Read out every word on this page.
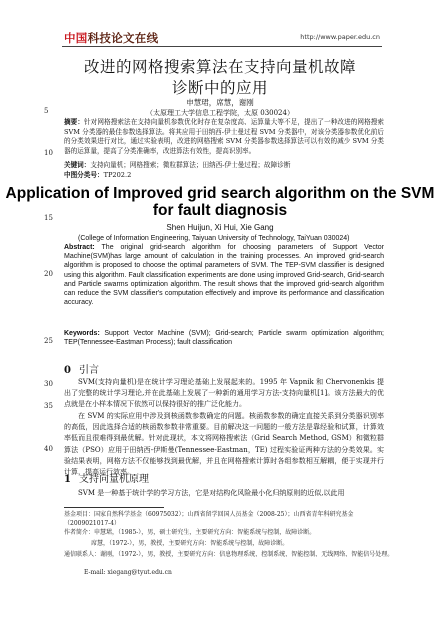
中国科技论文在线	http://www.paper.edu.cn
改进的网格搜索算法在支持向量机故障
诊断中的应用
申慧珺，席慧，谢刚
（太原理工大学信息工程学院，太原 030024）
5
摘要：针对网格搜索法在支持向量机参数优化时存在复杂度高、运算量大等不足，提出了一种改进的网格搜索 SVM 分类器的最佳参数选择算法。将其应用于田纳西-伊士曼过程 SVM 分类器中，对该分类器参数优化前后的分类效果进行对比，通过实验表明，改进的网格搜索 SVM 分类器参数选择算法可以有效的减少 SVM 分类器的运算量，提高了分类准确率，改进算法有效性，提高识别率。
10
关键词：支持向量机；网格搜索；微粒群算法；田纳西-伊士曼过程；故障诊断
中图分类号：TP202.2
Application of Improved grid search algorithm on the SVM
for fault diagnosis
15
Shen Huijun, Xi Hui, Xie Gang
(College of Information Engineering, Taiyuan University of Technology, TaiYuan 030024)
Abstract: The original grid-search algorithm for choosing parameters of Support Vector Machine(SVM)has large amount of calculation in the training processes. An improved grid-search algorithm is proposed to choose the optimal parameters of SVM. The TEP-SVM classifier is designed using this algorithm. Fault classification experiments are done using improved Grid-search, Grid-search and Particle swarms optimization algorithm. The result shows that the improved grid-search algorithm can reduce the SVM classifier's computation effectively and improve its performance and classification accuracy.
20
Keywords: Support Vector Machine (SVM); Grid-search; Particle swarm optimization algorithm; TEP(Tennessee-Eastman Process); fault classification
25
0 引言
30	SVM(支持向量机)是在统计学习理论基础上发展起来的。1995 年 Vapnik 和 Chervonenkis 提出了完整的统计学习理论,并在此基础上发展了一种新的通用学习方法-支持向量机[1]。该方法最大的优点就是在小样本情况下依然可以保持很好的推广泛化能力。
35
在 SVM 的实际应用中涉及到核函数参数确定的问题。核函数参数的确定直接关系到分类器识别率的高低，因此选择合适的核函数参数非常重要。目前解决这一问题的一般方法是靠经验和试算，计算效率低而且很难得到最优解。针对此现状，本文将网格搜索法（Grid Search Method, GSM）和微粒群算法（PSO）应用于田纳西-伊斯曼(Tennessee-Eastman，TE) 过程实验证两种方法的分类效果。实验结果表明，网格方法不仅能够找到最优解，并且在网格搜索计算时各组参数相互解耦，便于实现并行计算，提高运行效率。
40
1 支持向量机原理
SVM 是一种基于统计学的学习方法，它是对结构化风险最小化归纳原则的近似,以此用
基金项目：国家自然科学基金（60975032）；山西省留学回国人员基金（2008-25）；山西省青年科研究基金（2009021017-4）
作者简介：申慧珺，（1985-），男，硕士研究生，主要研究方向：智能系统与控制，故障诊断。
席慧，（1972-），男，教授，主要研究方向：智能系统与控制，故障诊断。
通信联系人：谢刚，（1972-），男，教授，主要研究方向：信息物理系统、控制系统、智能控制、无线网络、智能信号处理。
E-mail: xiegang@tyut.edu.cn
